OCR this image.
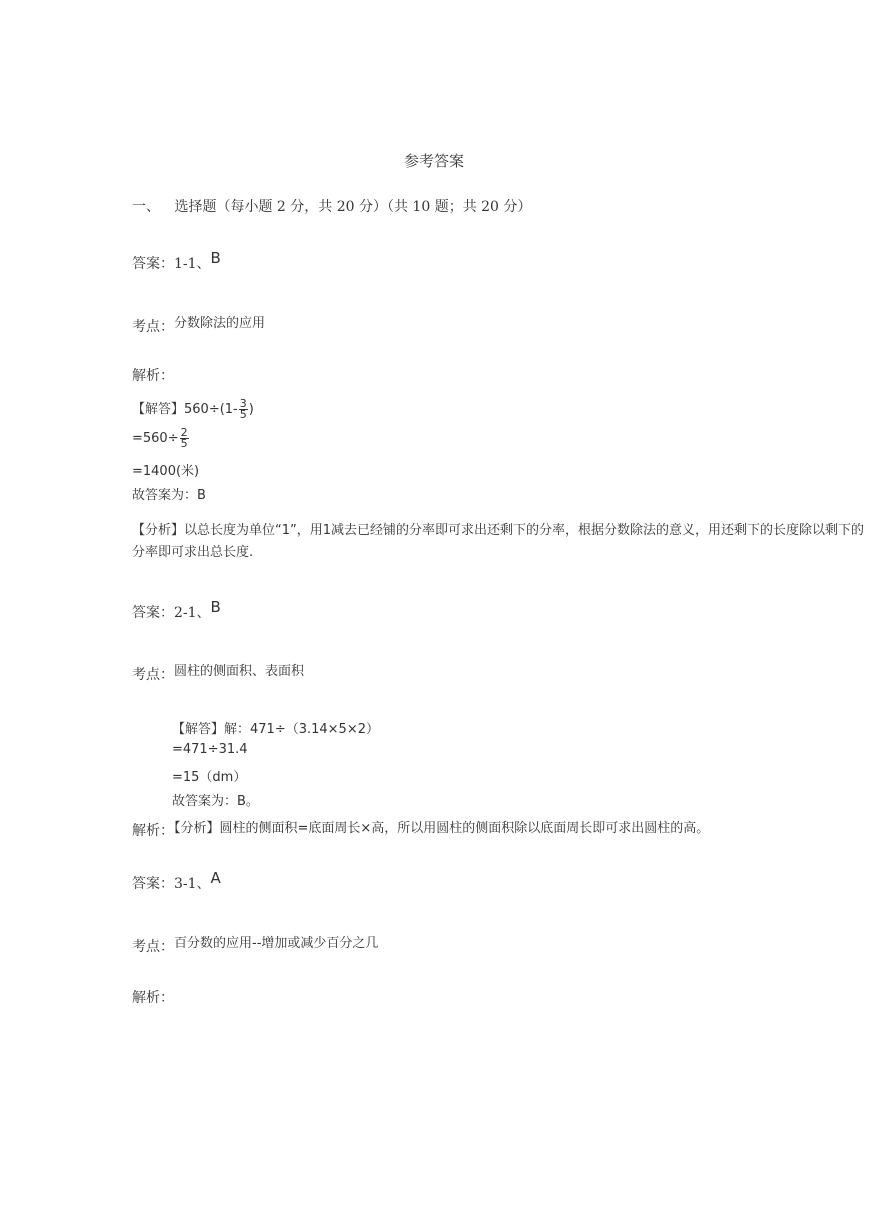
参考答案
一、 选择题（每小题 2 分，共 20 分）（共 10 题；共 20 分）
答案：1-1、B
考点：分数除法的应用
解析：
【解答】$560\div(1- \frac{3}{5}$ )
$=560\div \frac{2}{5}$
=1400(米)
故答案为：B
【分析】以总长度为单位“1”，用1减去已经铺的分率即可求出还剩下的分率，根据分数除法的意义，用还剩下的长度除以剩下的分率即可求出总长度.
答案：2-1、B
考点：圆柱的侧面积、表面积
【解答】解：471÷（3.14×5×2）
=471÷31.4
=15（dm）
故答案为：B。
解析：【分析】圆柱的侧面积=底面周长×高，所以用圆柱的侧面积除以底面周长即可求出圆柱的高。
答案：3-1、A
考点：百分数的应用--增加或减少百分之几
解析：
